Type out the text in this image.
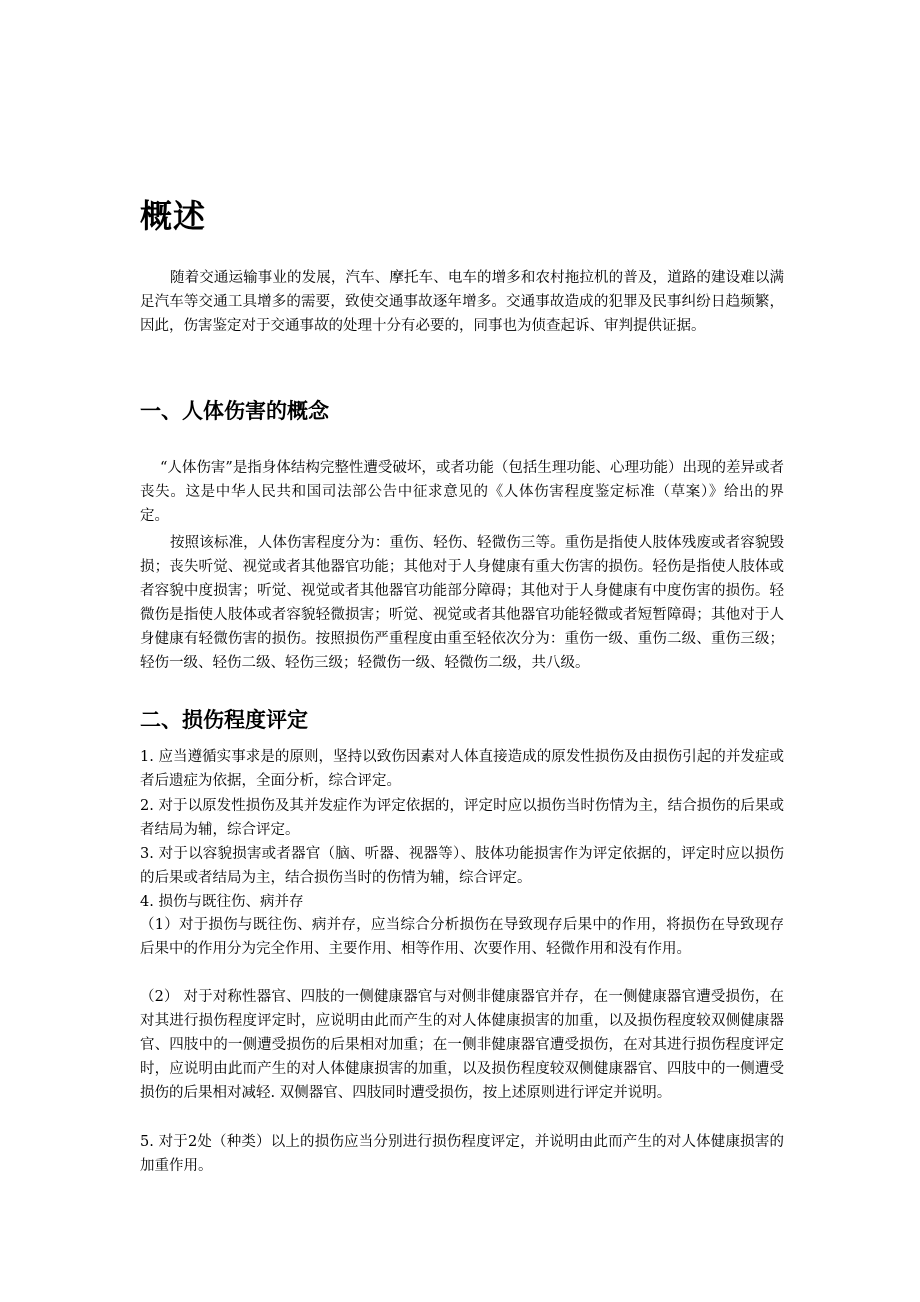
概述

随着交通运输事业的发展，汽车、摩托车、电车的增多和农村拖拉机的普及，道路的建设难以满足汽车等交通工具增多的需要，致使交通事故逐年增多。交通事故造成的犯罪及民事纠纷日趋频繁，因此，伤害鉴定对于交通事故的处理十分有必要的，同事也为侦查起诉、审判提供证据。

一、人体伤害的概念

“人体伤害”是指身体结构完整性遭受破坏，或者功能（包括生理功能、心理功能）出现的差异或者丧失。这是中华人民共和国司法部公告中征求意见的《人体伤害程度鉴定标准（草案）》给出的界定。

按照该标准，人体伤害程度分为：重伤、轻伤、轻微伤三等。重伤是指使人肢体残废或者容貌毁损；丧失听觉、视觉或者其他器官功能；其他对于人身健康有重大伤害的损伤。轻伤是指使人肢体或者容貌中度损害；听觉、视觉或者其他器官功能部分障碍；其他对于人身健康有中度伤害的损伤。轻微伤是指使人肢体或者容貌轻微损害；听觉、视觉或者其他器官功能轻微或者短暂障碍；其他对于人身健康有轻微伤害的损伤。按照损伤严重程度由重至轻依次分为：重伤一级、重伤二级、重伤三级；轻伤一级、轻伤二级、轻伤三级；轻微伤一级、轻微伤二级，共八级。

二、损伤程度评定

1. 应当遵循实事求是的原则，坚持以致伤因素对人体直接造成的原发性损伤及由损伤引起的并发症或者后遗症为依据，全面分析，综合评定。

2. 对于以原发性损伤及其并发症作为评定依据的，评定时应以损伤当时伤情为主，结合损伤的后果或者结局为辅，综合评定。

3. 对于以容貌损害或者器官（脑、听器、视器等）、肢体功能损害作为评定依据的，评定时应以损伤的后果或者结局为主，结合损伤当时的伤情为辅，综合评定。

4. 损伤与既往伤、病并存

（1）对于损伤与既往伤、病并存，应当综合分析损伤在导致现存后果中的作用，将损伤在导致现存后果中的作用分为完全作用、主要作用、相等作用、次要作用、轻微作用和没有作用。

（2） 对于对称性器官、四肢的一侧健康器官与对侧非健康器官并存，在一侧健康器官遭受损伤，在对其进行损伤程度评定时，应说明由此而产生的对人体健康损害的加重，以及损伤程度较双侧健康器官、四肢中的一侧遭受损伤的后果相对加重；在一侧非健康器官遭受损伤，在对其进行损伤程度评定时，应说明由此而产生的对人体健康损害的加重，以及损伤程度较双侧健康器官、四肢中的一侧遭受损伤的后果相对减轻. 双侧器官、四肢同时遭受损伤，按上述原则进行评定并说明。

5. 对于2处（种类）以上的损伤应当分别进行损伤程度评定，并说明由此而产生的对人体健康损害的加重作用。
